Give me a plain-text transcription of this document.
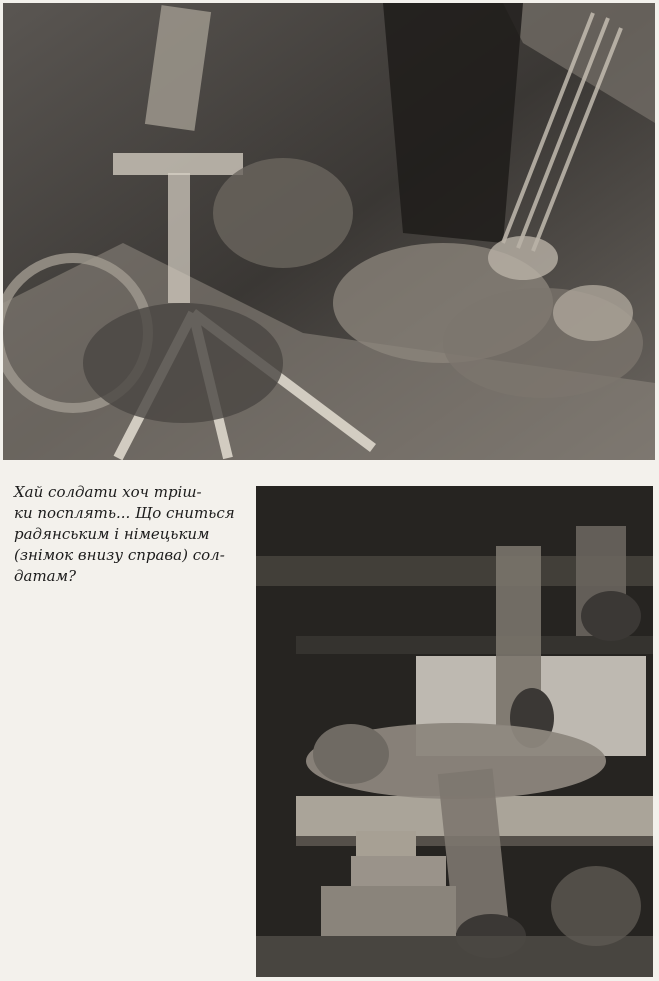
Хай солдати хоч трiш-
ки посплять... Що сниться
радянським i нiмецьким
(знiмок внизу справа) сол-
датам?
